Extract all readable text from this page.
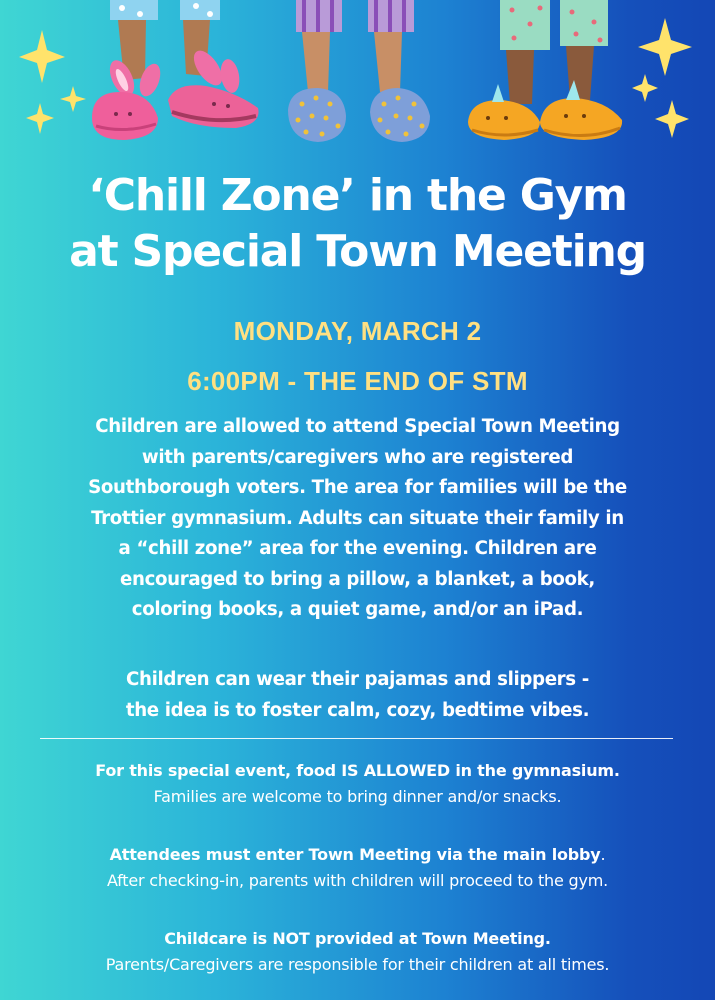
‘Chill Zone’ in the Gym
at Special Town Meeting

MONDAY, MARCH 2

6:00PM - THE END OF STM

Children are allowed to attend Special Town Meeting
with parents/caregivers who are registered
Southborough voters. The area for families will be the
Trottier gymnasium. Adults can situate their family in
a “chill zone” area for the evening. Children are
encouraged to bring a pillow, a blanket, a book,
coloring books, a quiet game, and/or an iPad.

Children can wear their pajamas and slippers -
the idea is to foster calm, cozy, bedtime vibes.

For this special event, food IS ALLOWED in the gymnasium.
Families are welcome to bring dinner and/or snacks.

Attendees must enter Town Meeting via the main lobby.
After checking-in, parents with children will proceed to the gym.

Childcare is NOT provided at Town Meeting.
Parents/Caregivers are responsible for their children at all times.
